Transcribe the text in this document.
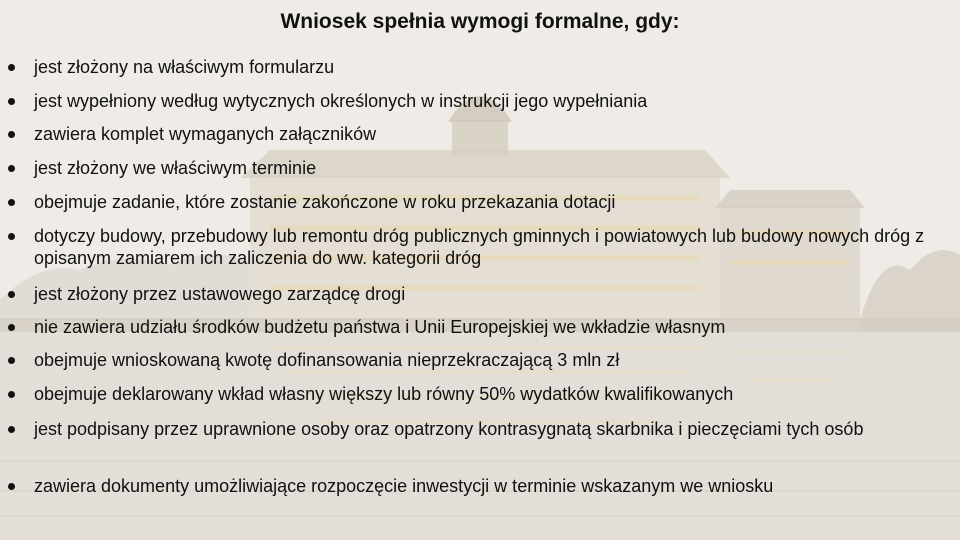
Wniosek spełnia wymogi formalne, gdy:
jest złożony na właściwym formularzu
jest wypełniony według wytycznych określonych w instrukcji jego wypełniania
zawiera komplet wymaganych załączników
jest złożony we właściwym terminie
obejmuje zadanie, które zostanie zakończone w roku przekazania dotacji
dotyczy budowy, przebudowy lub remontu dróg publicznych gminnych i powiatowych lub budowy nowych dróg z opisanym zamiarem ich zaliczenia do ww. kategorii dróg
jest złożony przez ustawowego zarządcę drogi
nie zawiera udziału środków budżetu państwa i Unii Europejskiej we wkładzie własnym
obejmuje wnioskowaną kwotę dofinansowania nieprzekraczającą 3 mln zł
obejmuje deklarowany wkład własny większy lub równy 50% wydatków kwalifikowanych
jest podpisany przez uprawnione osoby oraz opatrzony kontrasygnatą skarbnika i pieczęciami tych osób
zawiera dokumenty umożliwiające rozpoczęcie inwestycji w terminie wskazanym we wniosku
